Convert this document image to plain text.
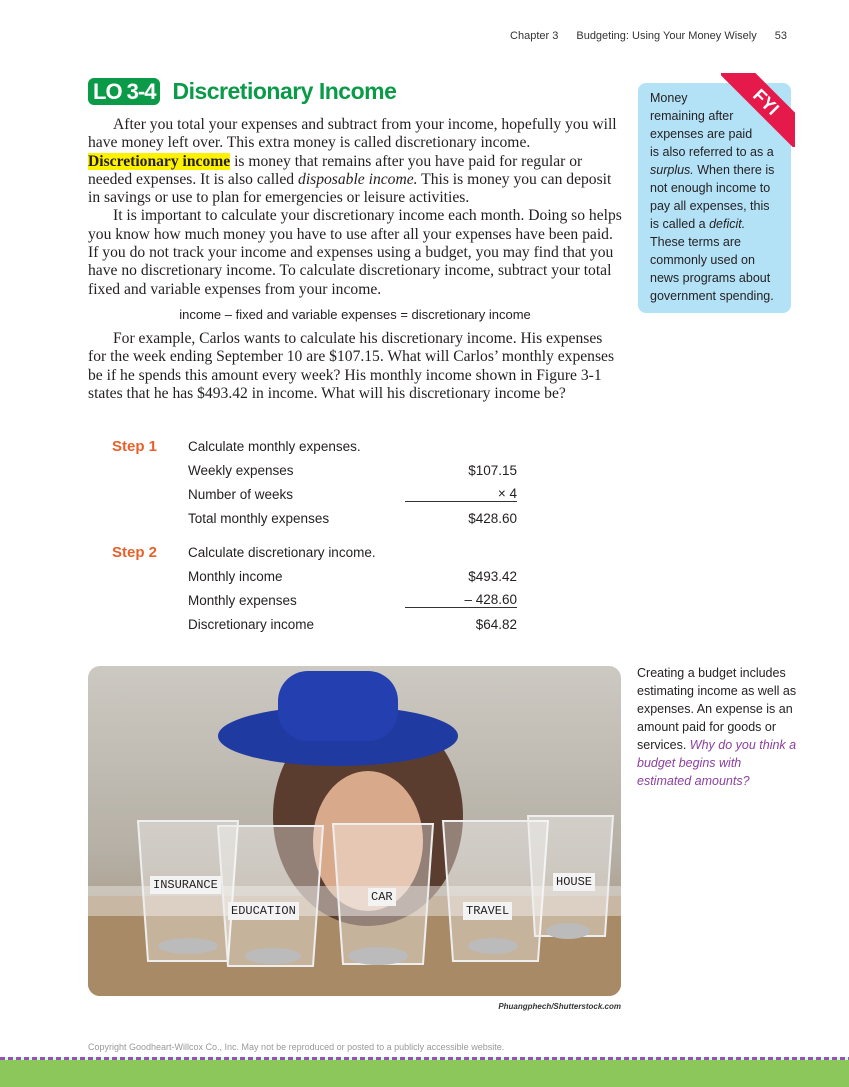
Chapter 3 Budgeting: Using Your Money Wisely 53
LO 3-4 Discretionary Income

After you total your expenses and subtract from your income, hopefully you will have money left over. This extra money is called discretionary income. Discretionary income is money that remains after you have paid for regular or needed expenses. It is also called disposable income. This is money you can deposit in savings or use to plan for emergencies or leisure activities.

It is important to calculate your discretionary income each month. Doing so helps you know how much money you have to use after all your expenses have been paid. If you do not track your income and expenses using a budget, you may find that you have no discretionary income. To calculate discretionary income, subtract your total fixed and variable expenses from your income.

income – fixed and variable expenses = discretionary income

For example, Carlos wants to calculate his discretionary income. His expenses for the week ending September 10 are $107.15. What will Carlos’ monthly expenses be if he spends this amount every week? His monthly income shown in Figure 3-1 states that he has $493.42 in income. What will his discretionary income be?

FYI
Money remaining after expenses are paid is also referred to as a surplus. When there is not enough income to pay all expenses, this is called a deficit. These terms are commonly used on news programs about government spending.
Step 1	Calculate monthly expenses.
Weekly expenses	$107.15
Number of weeks	× 4
Total monthly expenses	$428.60
Step 2	Calculate discretionary income.
Monthly income	$493.42
Monthly expenses	– 428.60
Discretionary income	$64.82
INSURANCE
EDUCATION
CAR
TRAVEL
HOUSE
Phuangphech/Shutterstock.com
Creating a budget includes estimating income as well as expenses. An expense is an amount paid for goods or services. Why do you think a budget begins with estimated amounts?
Copyright Goodheart-Willcox Co., Inc. May not be reproduced or posted to a publicly accessible website.
